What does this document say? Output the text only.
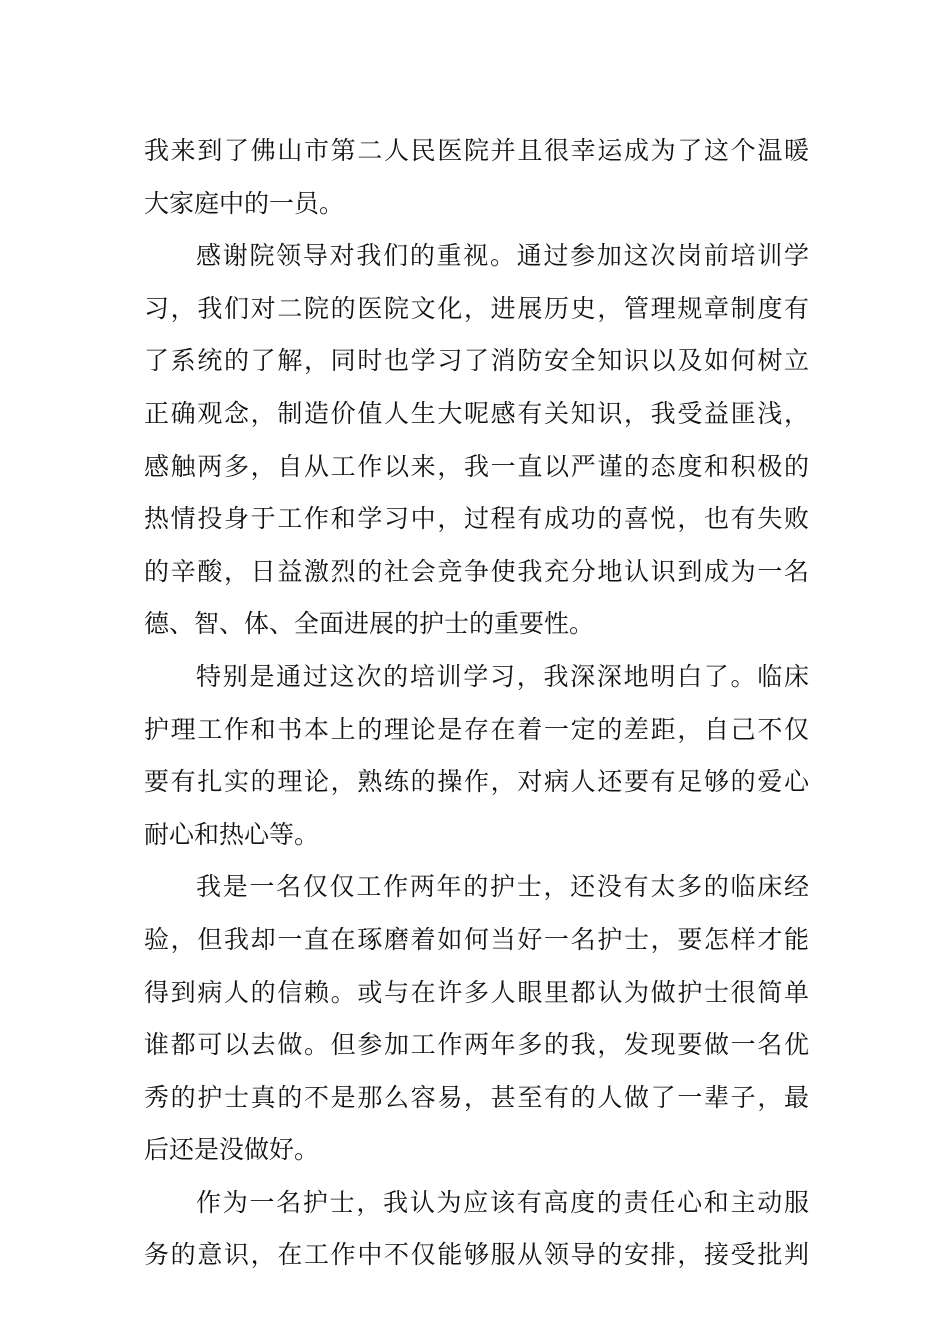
我来到了佛山市第二人民医院并且很幸运成为了这个温暖
大家庭中的一员。
感谢院领导对我们的重视。通过参加这次岗前培训学
习，我们对二院的医院文化，进展历史，管理规章制度有
了系统的了解，同时也学习了消防安全知识以及如何树立
正确观念，制造价值人生大呢感有关知识，我受益匪浅，
感触两多，自从工作以来，我一直以严谨的态度和积极的
热情投身于工作和学习中，过程有成功的喜悦，也有失败
的辛酸，日益激烈的社会竞争使我充分地认识到成为一名
德、智、体、全面进展的护士的重要性。
特别是通过这次的培训学习，我深深地明白了。临床
护理工作和书本上的理论是存在着一定的差距，自己不仅
要有扎实的理论，熟练的操作，对病人还要有足够的爱心
耐心和热心等。
我是一名仅仅工作两年的护士，还没有太多的临床经
验，但我却一直在琢磨着如何当好一名护士，要怎样才能
得到病人的信赖。或与在许多人眼里都认为做护士很简单
谁都可以去做。但参加工作两年多的我，发现要做一名优
秀的护士真的不是那么容易，甚至有的人做了一辈子，最
后还是没做好。
作为一名护士，我认为应该有高度的责任心和主动服
务的意识，在工作中不仅能够服从领导的安排，接受批判
